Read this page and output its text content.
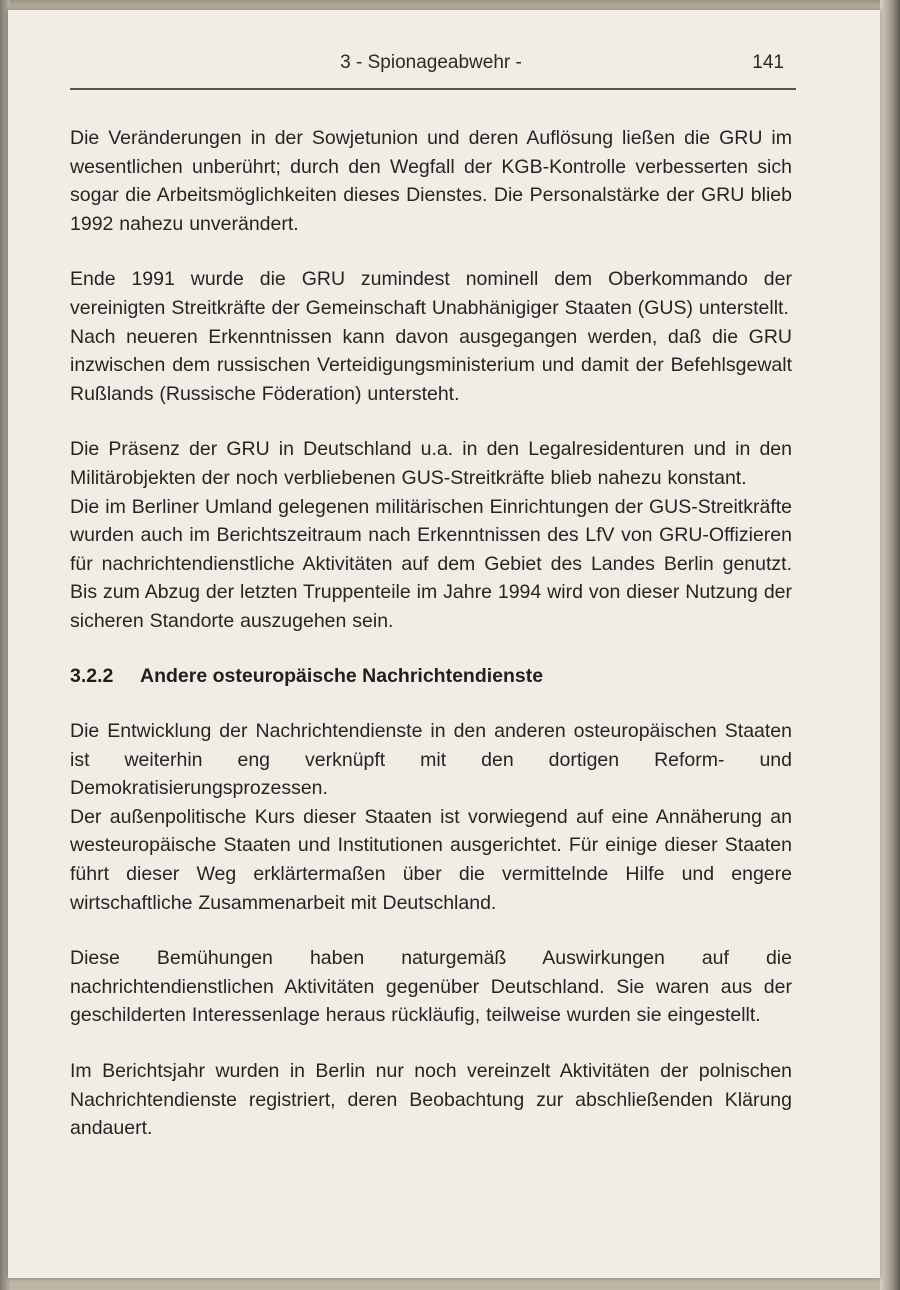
3 - Spionageabwehr -	141

Die Veränderungen in der Sowjetunion und deren Auflösung ließen die GRU im wesentlichen unberührt; durch den Wegfall der KGB-Kontrolle verbesserten sich sogar die Arbeitsmöglichkeiten dieses Dienstes. Die Personalstärke der GRU blieb 1992 nahezu unverändert.

Ende 1991 wurde die GRU zumindest nominell dem Oberkommando der vereinigten Streitkräfte der Gemeinschaft Unabhänigiger Staaten (GUS) unterstellt.

Nach neueren Erkenntnissen kann davon ausgegangen werden, daß die GRU inzwischen dem russischen Verteidigungsministerium und damit der Befehlsgewalt Rußlands (Russische Föderation) untersteht.

Die Präsenz der GRU in Deutschland u.a. in den Legalresidenturen und in den Militärobjekten der noch verbliebenen GUS-Streitkräfte blieb nahezu konstant.

Die im Berliner Umland gelegenen militärischen Einrichtungen der GUS-Streitkräfte wurden auch im Berichtszeitraum nach Erkenntnissen des LfV von GRU-Offizieren für nachrichtendienstliche Aktivitäten auf dem Gebiet des Landes Berlin genutzt. Bis zum Abzug der letzten Truppenteile im Jahre 1994 wird von dieser Nutzung der sicheren Standorte auszugehen sein.

3.2.2 Andere osteuropäische Nachrichtendienste

Die Entwicklung der Nachrichtendienste in den anderen osteuropäischen Staaten ist weiterhin eng verknüpft mit den dortigen Reform- und Demokratisierungsprozessen.

Der außenpolitische Kurs dieser Staaten ist vorwiegend auf eine Annäherung an westeuropäische Staaten und Institutionen ausgerichtet. Für einige dieser Staaten führt dieser Weg erklärtermaßen über die vermittelnde Hilfe und engere wirtschaftliche Zusammenarbeit mit Deutschland.

Diese Bemühungen haben naturgemäß Auswirkungen auf die nachrichtendienstlichen Aktivitäten gegenüber Deutschland. Sie waren aus der geschilderten Interessenlage heraus rückläufig, teilweise wurden sie eingestellt.

Im Berichtsjahr wurden in Berlin nur noch vereinzelt Aktivitäten der polnischen Nachrichtendienste registriert, deren Beobachtung zur abschließenden Klärung andauert.
